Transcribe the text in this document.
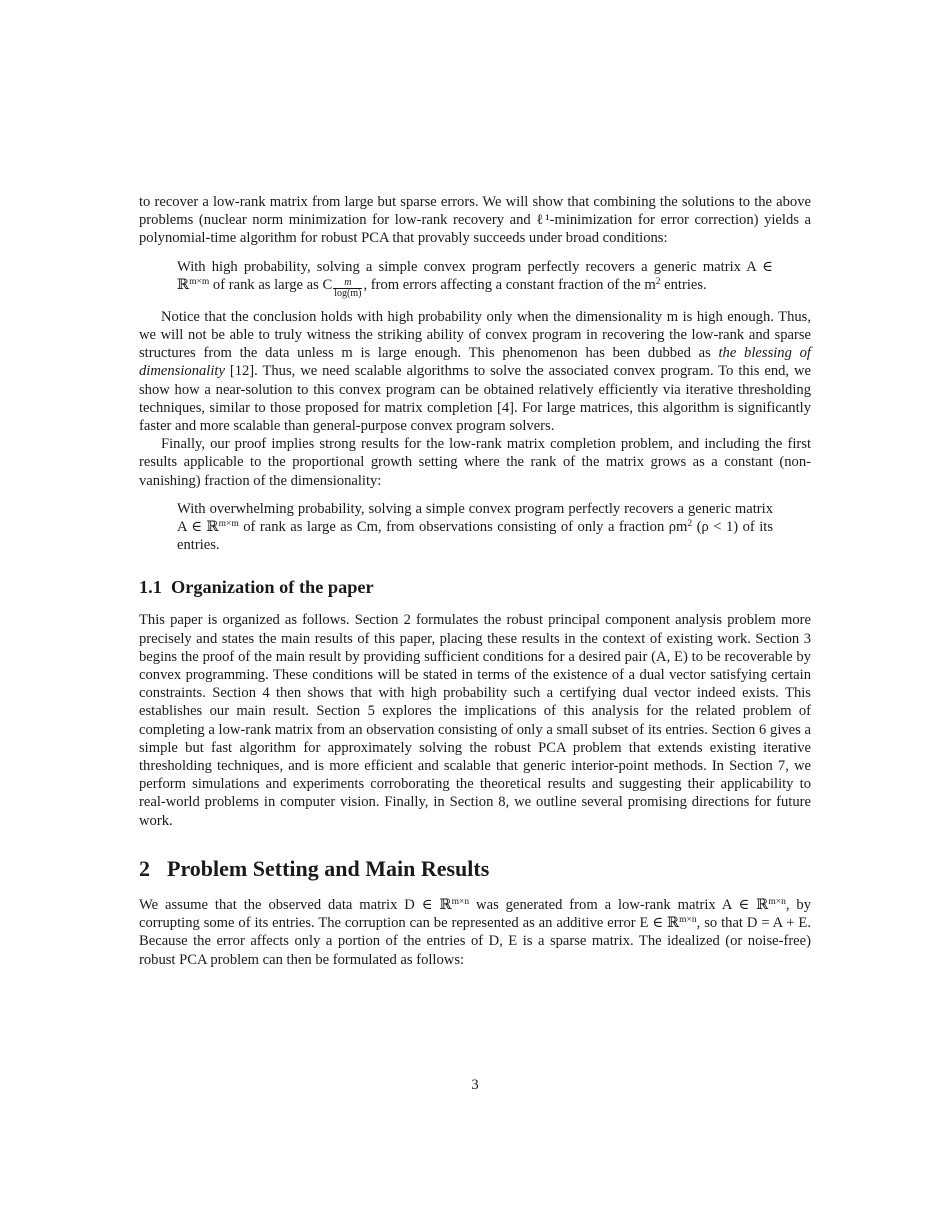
to recover a low-rank matrix from large but sparse errors. We will show that combining the solutions to the above problems (nuclear norm minimization for low-rank recovery and ℓ¹-minimization for error correction) yields a polynomial-time algorithm for robust PCA that provably succeeds under broad conditions:

With high probability, solving a simple convex program perfectly recovers a generic matrix A ∈ ℝ$^{m\times m}$ of rank as large as C $\frac{m}{\log(m)}$ , from errors affecting a constant fraction of the $m^2$ entries.

Notice that the conclusion holds with high probability only when the dimensionality m is high enough. Thus, we will not be able to truly witness the striking ability of convex program in recovering the low-rank and sparse structures from the data unless m is large enough. This phenomenon has been dubbed as the blessing of dimensionality [12]. Thus, we need scalable algorithms to solve the associated convex program. To this end, we show how a near-solution to this convex program can be obtained relatively efficiently via iterative thresholding techniques, similar to those proposed for matrix completion [4]. For large matrices, this algorithm is significantly faster and more scalable than general-purpose convex program solvers.

Finally, our proof implies strong results for the low-rank matrix completion problem, and including the first results applicable to the proportional growth setting where the rank of the matrix grows as a constant (non-vanishing) fraction of the dimensionality:

With overwhelming probability, solving a simple convex program perfectly recovers a generic matrix A ∈ ℝ$^{m\times m}$ of rank as large as Cm, from observations consisting of only a fraction $\rho m^2$ (ρ < 1) of its entries.

1.1 Organization of the paper

This paper is organized as follows. Section 2 formulates the robust principal component analysis problem more precisely and states the main results of this paper, placing these results in the context of existing work. Section 3 begins the proof of the main result by providing sufficient conditions for a desired pair (A, E) to be recoverable by convex programming. These conditions will be stated in terms of the existence of a dual vector satisfying certain constraints. Section 4 then shows that with high probability such a certifying dual vector indeed exists. This establishes our main result. Section 5 explores the implications of this analysis for the related problem of completing a low-rank matrix from an observation consisting of only a small subset of its entries. Section 6 gives a simple but fast algorithm for approximately solving the robust PCA problem that extends existing iterative thresholding techniques, and is more efficient and scalable that generic interior-point methods. In Section 7, we perform simulations and experiments corroborating the theoretical results and suggesting their applicability to real-world problems in computer vision. Finally, in Section 8, we outline several promising directions for future work.

2 Problem Setting and Main Results

We assume that the observed data matrix D ∈ ℝ$^{m\times n}$ was generated from a low-rank matrix A ∈ ℝ$^{m\times n}$, by corrupting some of its entries. The corruption can be represented as an additive error E ∈ ℝ$^{m\times n}$, so that D = A + E. Because the error affects only a portion of the entries of D, E is a sparse matrix. The idealized (or noise-free) robust PCA problem can then be formulated as follows:

3
